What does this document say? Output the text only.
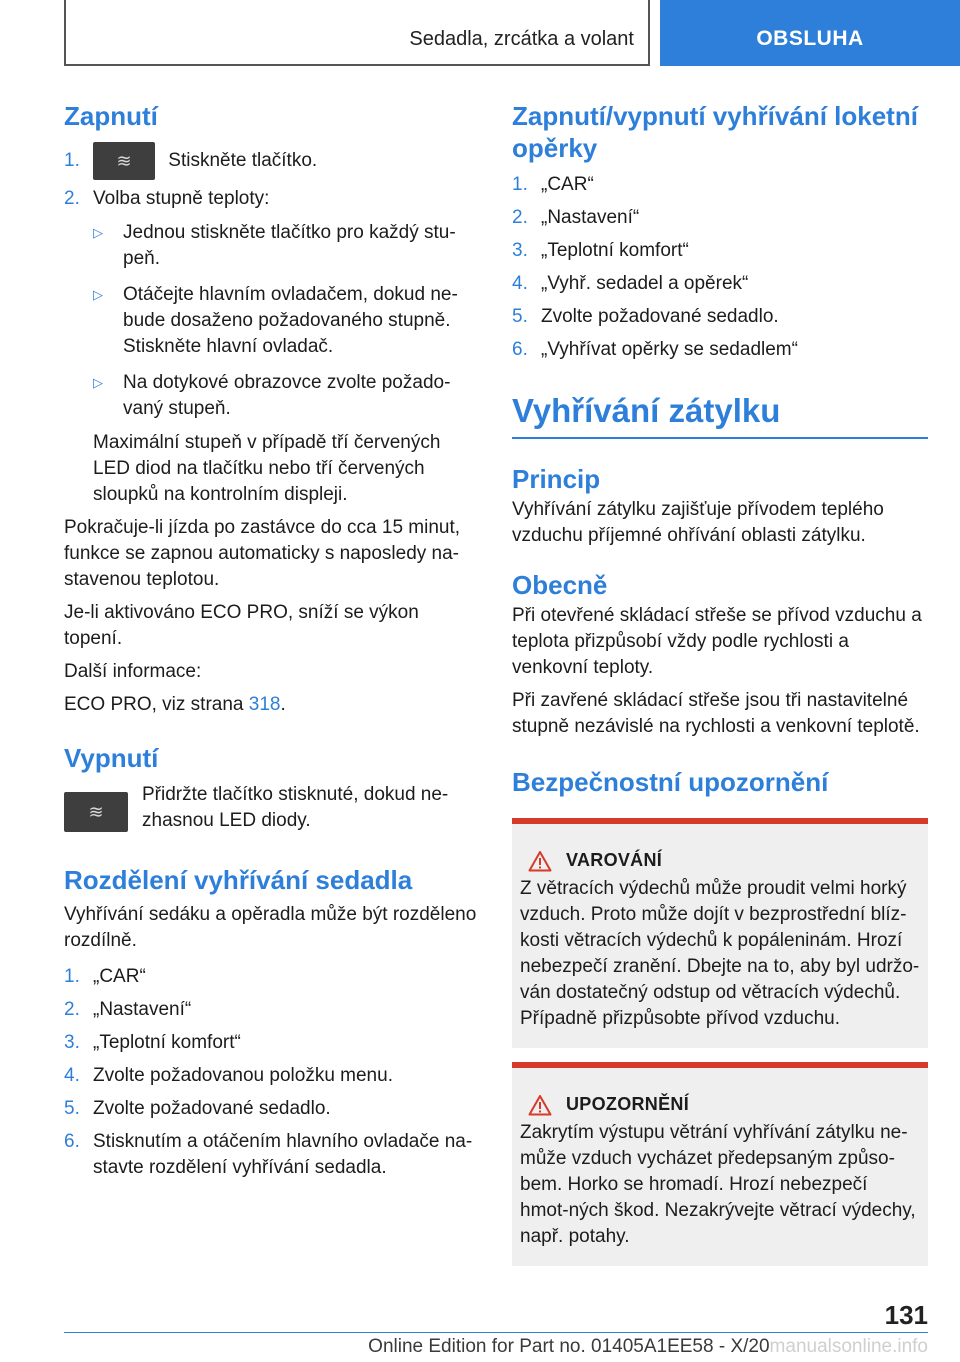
Sedadla, zrcátka a volant	OBSLUHA
Zapnutí
1.	≋ Stiskněte tlačítko.
2. Volba stupně teploty:
▷	Jednou stiskněte tlačítko pro každý stu-peň.
▷	Otáčejte hlavním ovladačem, dokud ne-bude dosaženo požadovaného stupně. Stiskněte hlavní ovladač.
▷	Na dotykové obrazovce zvolte požado-vaný stupeň.

Maximální stupeň v případě tří červených LED diod na tlačítku nebo tří červených sloupků na kontrolním displeji.

Pokračuje-li jízda po zastávce do cca 15 minut, funkce se zapnou automaticky s naposledy na-stavenou teplotou.

Je-li aktivováno ECO PRO, sníží se výkon topení.

Další informace:

ECO PRO, viz strana 318.

Vypnutí
≋

Přidržte tlačítko stisknuté, dokud ne-zhasnou LED diody.

Rozdělení vyhřívání sedadla

Vyhřívání sedáku a opěradla může být rozděleno rozdílně.

1. „CAR“
2. „Nastavení“
3. „Teplotní komfort“
4. Zvolte požadovanou položku menu.
5. Zvolte požadované sedadlo.
6. Stisknutím a otáčením hlavního ovladače na-stavte rozdělení vyhřívání sedadla.
Zapnutí/vypnutí vyhřívání loketní opěrky
1. „CAR“
2. „Nastavení“
3. „Teplotní komfort“
4. „Vyhř. sedadel a opěrek“
5. Zvolte požadované sedadlo.
6. „Vyhřívat opěrky se sedadlem“
Vyhřívání zátylku
Princip

Vyhřívání zátylku zajišťuje přívodem teplého vzduchu příjemné ohřívání oblasti zátylku.

Obecně

Při otevřené skládací střeše se přívod vzduchu a teplota přizpůsobí vždy podle rychlosti a venkovní teploty.

Při zavřené skládací střeše jsou tři nastavitelné stupně nezávislé na rychlosti a venkovní teplotě.

Bezpečnostní upozornění
VAROVÁNÍ

Z větracích výdechů může proudit velmi horký vzduch. Proto může dojít v bezprostřední blíz-kosti větracích výdechů k popáleninám. Hrozí nebezpečí zranění. Dbejte na to, aby byl udržo-ván dostatečný odstup od větracích výdechů. Případně přizpůsobte přívod vzduchu.

UPOZORNĚNÍ

Zakrytím výstupu větrání vyhřívání zátylku ne-může vzduch vycházet předepsaným způso-bem. Horko se hromadí. Hrozí nebezpečí hmot-ných škod. Nezakrývejte větrací výdechy, např. potahy.

131
Online Edition for Part no. 01405A1EE58 - X/20manualsonline.info
